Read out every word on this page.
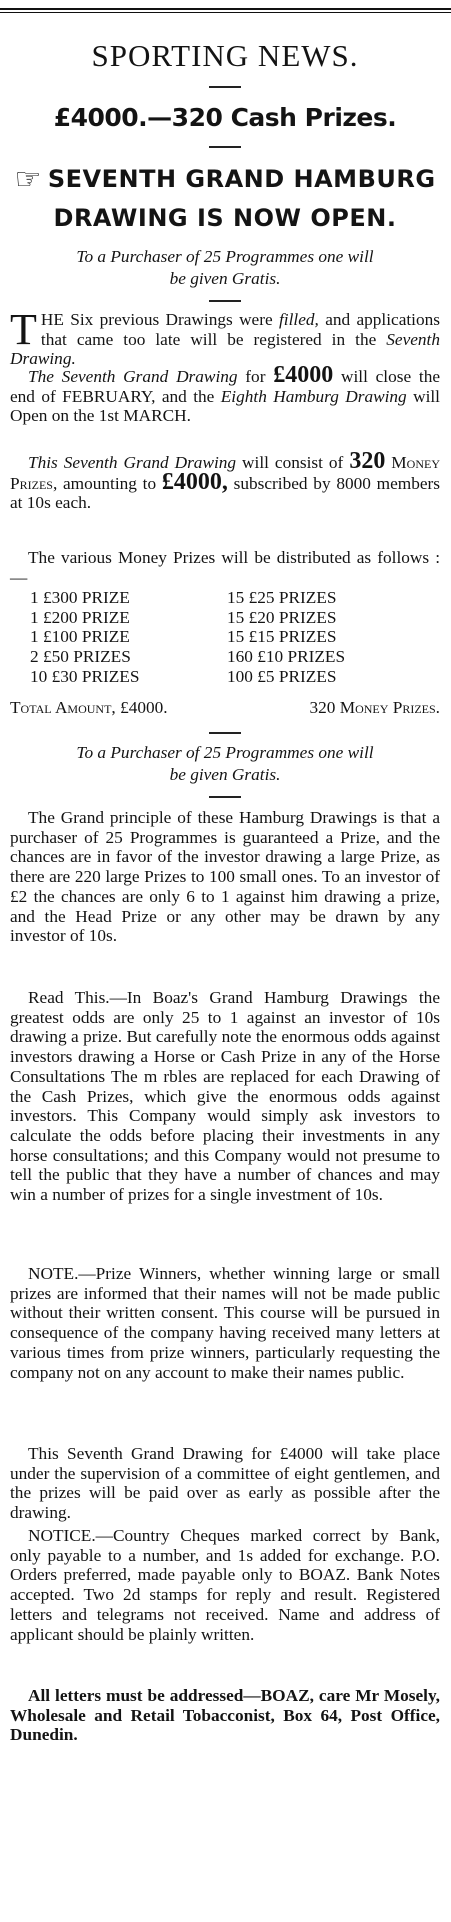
SPORTING NEWS.
£4000.—320 Cash Prizes.
☞ SEVENTH GRAND HAMBURG
DRAWING IS NOW OPEN.
To a Purchaser of 25 Programmes one will
be given Gratis.
THE Six previous Drawings were filled, and applications that came too late will be registered in the Seventh Drawing.
The Seventh Grand Drawing for £4000 will close the end of FEBRUARY, and the Eighth Hamburg Drawing will Open on the 1st MARCH.
This Seventh Grand Drawing will consist of 320 Money Prizes, amounting to £4000, subscribed by 8000 members at 10s each.
The various Money Prizes will be distributed as follows :—
1 £300 PRIZE	15 £25 PRIZES
1 £200 PRIZE	15 £20 PRIZES
1 £100 PRIZE	15 £15 PRIZES
2 £50 PRIZES	160 £10 PRIZES
10 £30 PRIZES	100 £5 PRIZES
Total Amount, £4000.	320 Money Prizes.
To a Purchaser of 25 Programmes one will
be given Gratis.
The Grand principle of these Hamburg Drawings is that a purchaser of 25 Programmes is guaranteed a Prize, and the chances are in favor of the investor drawing a large Prize, as there are 220 large Prizes to 100 small ones. To an investor of £2 the chances are only 6 to 1 against him drawing a prize, and the Head Prize or any other may be drawn by any investor of 10s.
Read This.—In Boaz's Grand Hamburg Drawings the greatest odds are only 25 to 1 against an investor of 10s drawing a prize. But carefully note the enormous odds against investors drawing a Horse or Cash Prize in any of the Horse Consultations The m rbles are replaced for each Drawing of the Cash Prizes, which give the enormous odds against investors. This Company would simply ask investors to calculate the odds before placing their investments in any horse consultations; and this Company would not presume to tell the public that they have a number of chances and may win a number of prizes for a single investment of 10s.
NOTE.—Prize Winners, whether winning large or small prizes are informed that their names will not be made public without their written consent. This course will be pursued in consequence of the company having received many letters at various times from prize winners, particularly requesting the company not on any account to make their names public.
This Seventh Grand Drawing for £4000 will take place under the supervision of a committee of eight gentlemen, and the prizes will be paid over as early as possible after the drawing.
NOTICE.—Country Cheques marked correct by Bank, only payable to a number, and 1s added for exchange. P.O. Orders preferred, made payable only to BOAZ. Bank Notes accepted. Two 2d stamps for reply and result. Registered letters and telegrams not received. Name and address of applicant should be plainly written.
All letters must be addressed—BOAZ, care Mr Mosely, Wholesale and Retail Tobacconist, Box 64, Post Office, Dunedin.
